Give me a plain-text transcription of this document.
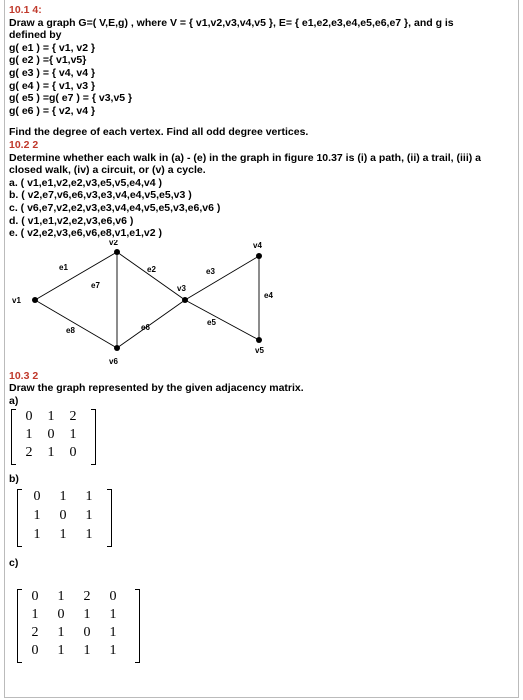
10.1 4:
Draw a graph G=( V,E,g) , where V = { v1,v2,v3,v4,v5 }, E= { e1,e2,e3,e4,e5,e6,e7 }, and g is
defined by
g( e1 ) = { v1, v2 }
g( e2 ) ={ v1,v5}
g( e3 ) = { v4, v4 }
g( e4 ) = { v1, v3 }
g( e5 ) =g( e7 ) = { v3,v5 }
g( e6 ) = { v2, v4 }
Find the degree of each vertex. Find all odd degree vertices.
10.2 2
Determine whether each walk in (a) - (e) in the graph in figure 10.37 is (i) a path, (ii) a trail, (iii) a
closed walk, (iv) a circuit, or (v) a cycle.
a. ( v1,e1,v2,e2,v3,e5,v5,e4,v4 )
b. ( v2,e7,v6,e6,v3,e3,v4,e4,v5,e5,v3 )
c. ( v6,e7,v2,e2,v3,e3,v4,e4,v5,e5,v3,e6,v6 )
d. ( v1,e1,v2,e2,v3,e6,v6 )
e. ( v2,e2,v3,e6,v6,e8,v1,e1,v2 )
v1
v2
v3
v4
v5
v6
e1	e2	e3
e4
e5
e6
e7
e8
10.3 2
Draw the graph represented by the given adjacency matrix.
a)
0	1	2
1	0	1
2	1	0
b)
0	1	1
1	0	1
1	1	1
c)
0	1	2	0
1	0	1	1
2	1	0	1
0	1	1	1
